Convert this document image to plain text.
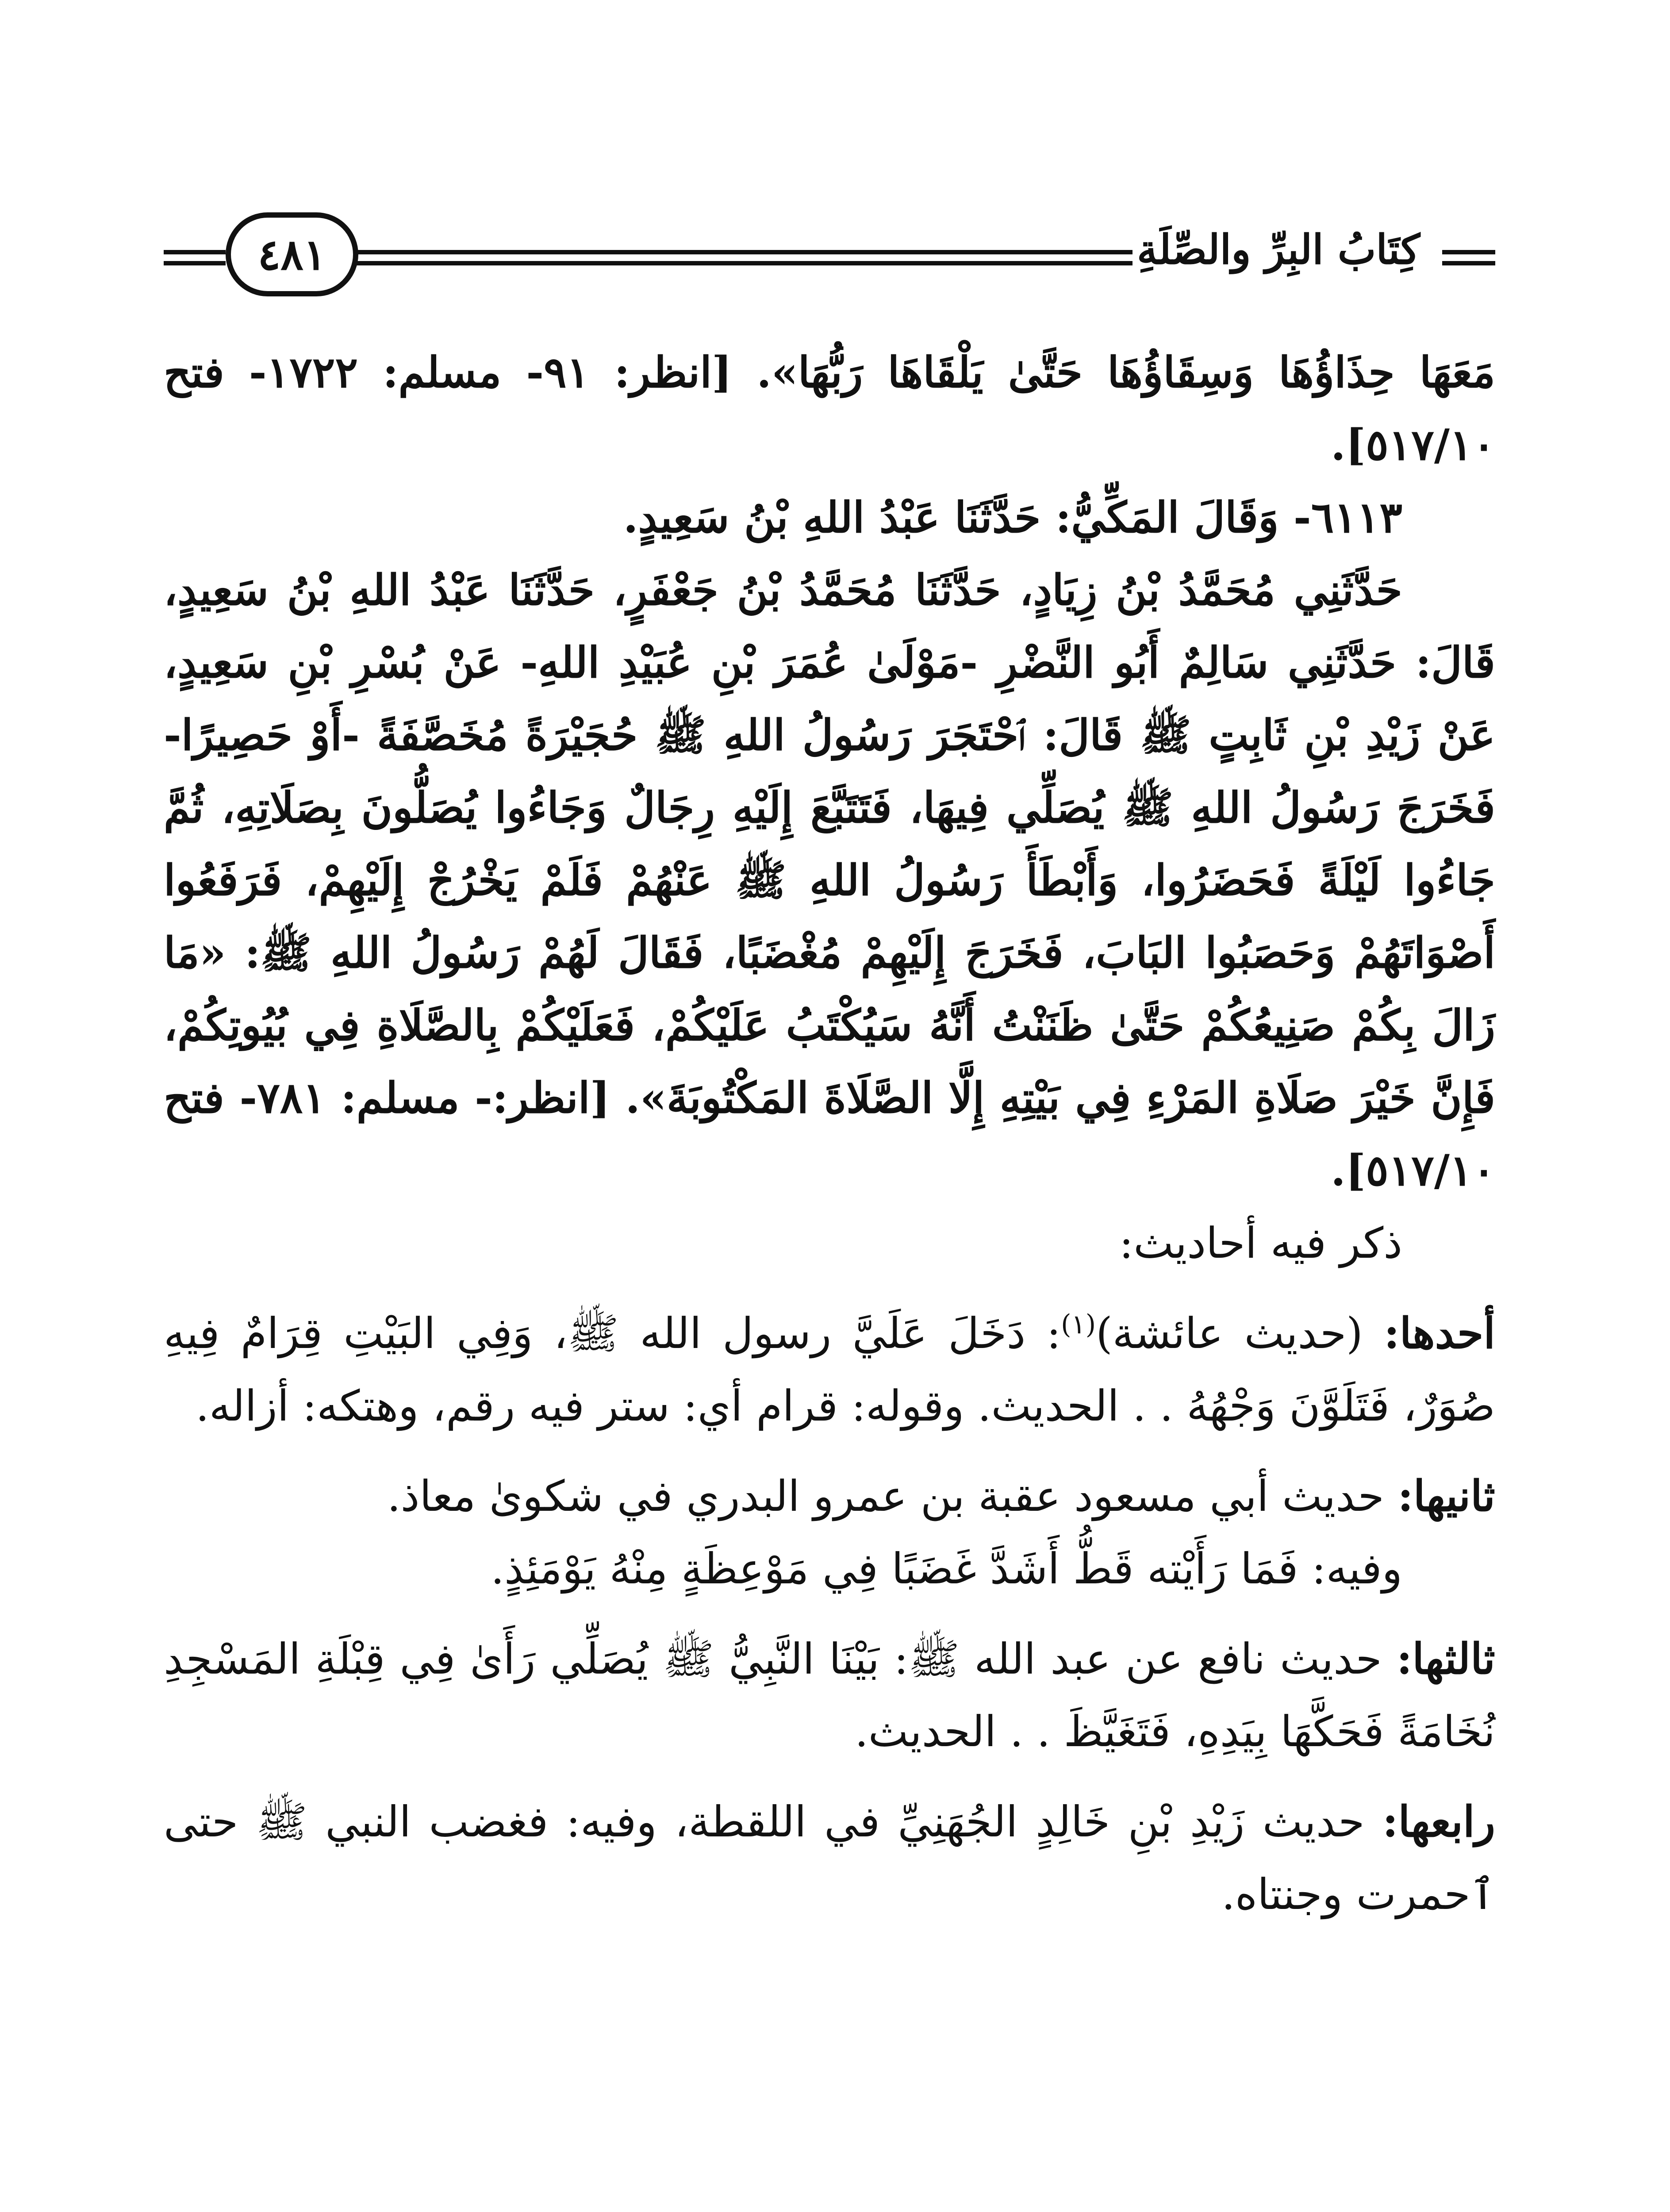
كِتَابُ البِرِّ والصِّلَةِ
٤٨١

مَعَهَا حِذَاؤُهَا وَسِقَاؤُهَا حَتَّىٰ يَلْقَاهَا رَبُّهَا». [انظر: ٩١- مسلم: ١٧٢٢- فتح ٥١٧/١٠].

٦١١٣- وَقَالَ المَكِّيُّ: حَدَّثَنَا عَبْدُ اللهِ بْنُ سَعِيدٍ.

حَدَّثَنِي مُحَمَّدُ بْنُ زِيَادٍ، حَدَّثَنَا مُحَمَّدُ بْنُ جَعْفَرٍ، حَدَّثَنَا عَبْدُ اللهِ بْنُ سَعِيدٍ، قَالَ: حَدَّثَنِي سَالِمٌ أَبُو النَّضْرِ -مَوْلَىٰ عُمَرَ بْنِ عُبَيْدِ اللهِ- عَنْ بُسْرِ بْنِ سَعِيدٍ، عَنْ زَيْدِ بْنِ ثَابِتٍ ﷺ قَالَ: ٱحْتَجَرَ رَسُولُ اللهِ ﷺ حُجَيْرَةً مُخَصَّفَةً -أَوْ حَصِيرًا- فَخَرَجَ رَسُولُ اللهِ ﷺ يُصَلِّي فِيهَا، فَتَتَبَّعَ إِلَيْهِ رِجَالٌ وَجَاءُوا يُصَلُّونَ بِصَلَاتِهِ، ثُمَّ جَاءُوا لَيْلَةً فَحَضَرُوا، وَأَبْطَأَ رَسُولُ اللهِ ﷺ عَنْهُمْ فَلَمْ يَخْرُجْ إِلَيْهِمْ، فَرَفَعُوا أَصْوَاتَهُمْ وَحَصَبُوا البَابَ، فَخَرَجَ إِلَيْهِمْ مُغْضَبًا، فَقَالَ لَهُمْ رَسُولُ اللهِ ﷺ: «مَا زَالَ بِكُمْ صَنِيعُكُمْ حَتَّىٰ ظَنَنْتُ أَنَّهُ سَيُكْتَبُ عَلَيْكُمْ، فَعَلَيْكُمْ بِالصَّلَاةِ فِي بُيُوتِكُمْ، فَإِنَّ خَيْرَ صَلَاةِ المَرْءِ فِي بَيْتِهِ إِلَّا الصَّلَاةَ المَكْتُوبَةَ». [انظر:- مسلم: ٧٨١- فتح ٥١٧/١٠].

ذكر فيه أحاديث:

أحدها: (حديث عائشة)$^{(١)}$: دَخَلَ عَلَيَّ رسول الله ﷺ، وَفِي البَيْتِ قِرَامٌ فِيهِ صُوَرٌ، فَتَلَوَّنَ وَجْهُهُ . . الحديث. وقوله: قرام أي: ستر فيه رقم، وهتكه: أزاله.

ثانيها: حديث أبي مسعود عقبة بن عمرو البدري في شكوىٰ معاذ.

وفيه: فَمَا رَأَيْته قَطُّ أَشَدَّ غَضَبًا فِي مَوْعِظَةٍ مِنْهُ يَوْمَئِذٍ.

ثالثها: حديث نافع عن عبد الله ﷺ: بَيْنَا النَّبِيُّ ﷺ يُصَلِّي رَأَىٰ فِي قِبْلَةِ المَسْجِدِ نُخَامَةً فَحَكَّهَا بِيَدِهِ، فَتَغَيَّظَ . . الحديث.

رابعها: حديث زَيْدِ بْنِ خَالِدٍ الجُهَنِيِّ في اللقطة، وفيه: فغضب النبي ﷺ حتى ٱحمرت وجنتاه.
